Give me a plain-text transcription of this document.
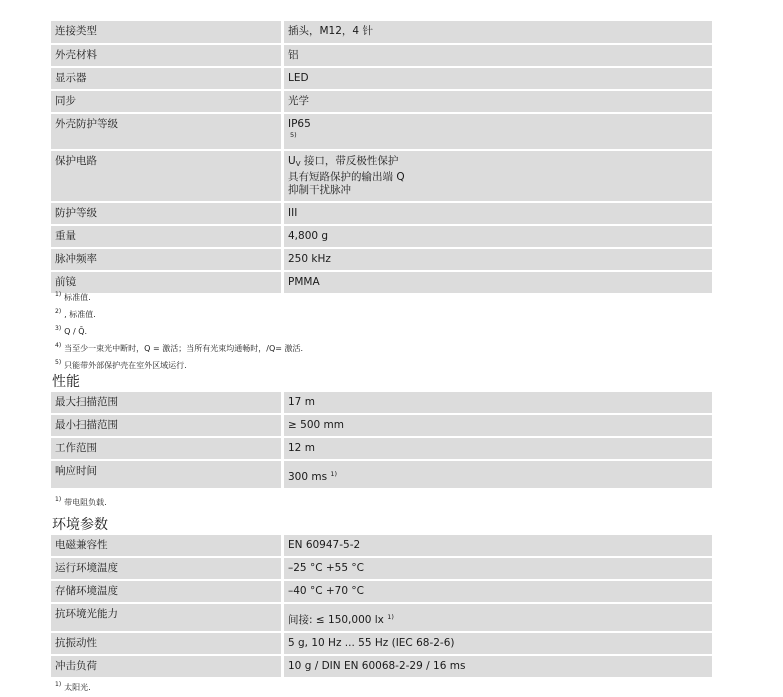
连接类型	插头，M12，4 针

外壳材料	铝

显示器	LED

同步	光学

外壳防护等级	IP65
5)

保护电路	$U_V$ 接口，带反极性保护
具有短路保护的输出端 Q
抑制干扰脉冲

防护等级	III

重量	4,800 g

脉冲频率	250 kHz

前镜	PMMA
$^{1)}$ 标准值.
$^{2)}$ , 标准值.
$^{3)}$ Q / Q̄.
$^{4)}$ 当至少一束光中断时，Q = 激活；当所有光束均通畅时，/Q= 激活.
$^{5)}$ 只能带外部保护壳在室外区域运行.
性能
最大扫描范围	17 m
最小扫描范围	≥ 500 mm
工作范围	12 m
响应时间	300 ms $^{1)}$
$^{1)}$ 带电阻负载.
环境参数
电磁兼容性	EN 60947-5-2
运行环境温度	–25 °C +55 °C
存储环境温度	–40 °C +70 °C
抗环境光能力	间接: ≤ 150,000 lx $^{1)}$
抗振动性	5 g, 10 Hz ... 55 Hz (IEC 68-2-6)
冲击负荷	10 g / DIN EN 60068-2-29 / 16 ms
$^{1)}$ 太阳光.
